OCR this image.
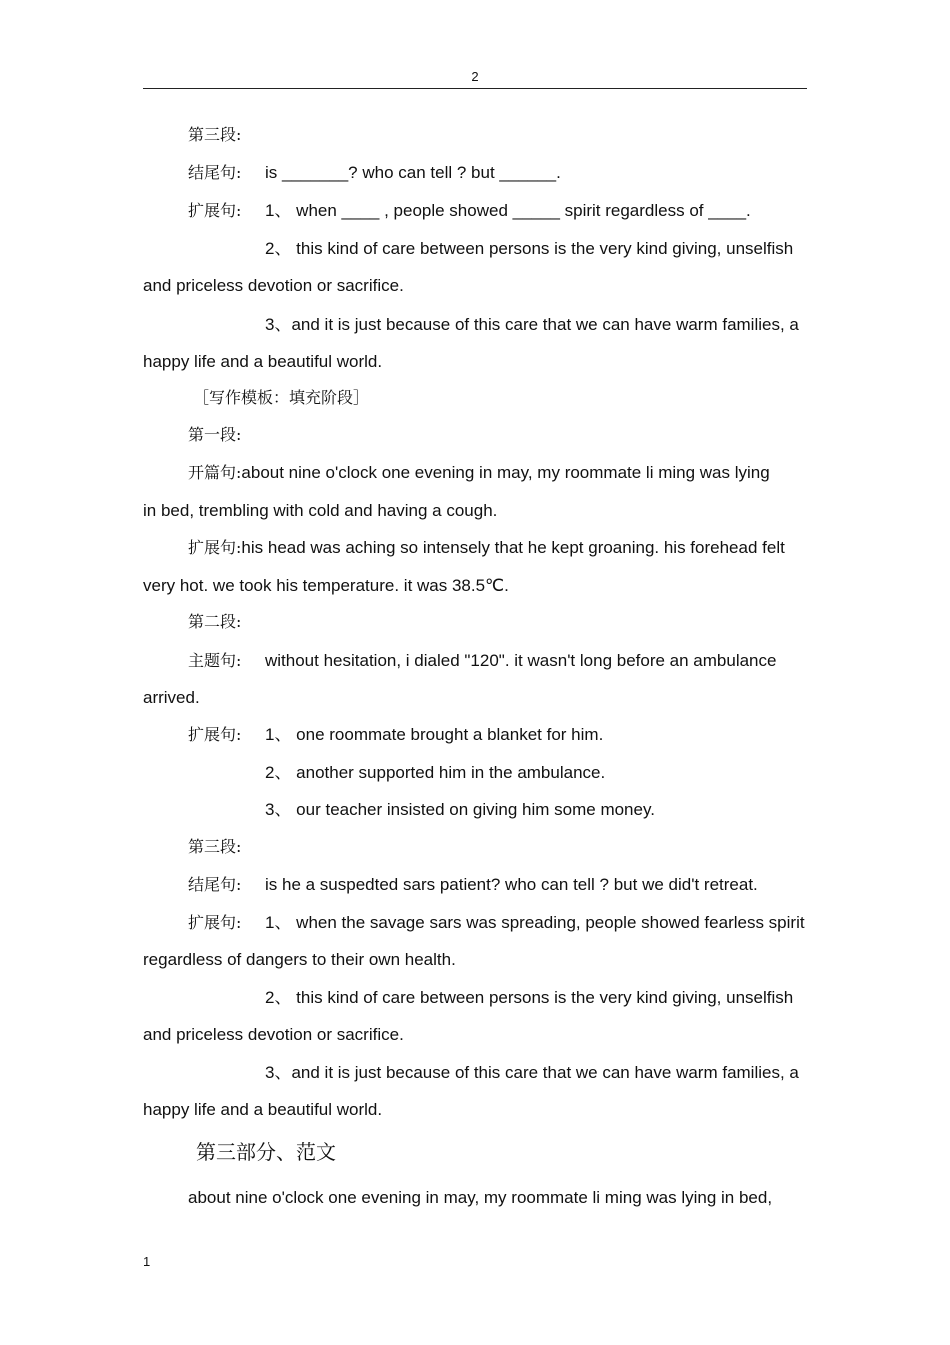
2
第三段:
结尾句: is _______? who can tell ? but ______.
扩展句: 1、 when ____ , people showed _____ spirit regardless of ____.
2、 this kind of care between persons is the very kind giving, unselfish
and priceless devotion or sacrifice.
3、and it is just because of this care that we can have warm families, a
happy life and a beautiful world.
［写作模板：填充阶段］
第一段:
开篇句:about nine o'clock one evening in may, my roommate li ming was lying
in bed, trembling with cold and having a cough.
扩展句:his head was aching so intensely that he kept groaning. his forehead felt
very hot. we took his temperature. it was 38.5℃.
第二段:
主题句: without hesitation, i dialed "120". it wasn't long before an ambulance
arrived.
扩展句: 1、 one roommate brought a blanket for him.
2、 another supported him in the ambulance.
3、 our teacher insisted on giving him some money.
第三段:
结尾句: is he a suspedted sars patient? who can tell ? but we did't retreat.
扩展句: 1、 when the savage sars was spreading, people showed fearless spirit
regardless of dangers to their own health.
2、 this kind of care between persons is the very kind giving, unselfish
and priceless devotion or sacrifice.
3、and it is just because of this care that we can have warm families, a
happy life and a beautiful world.
第三部分、范文
about nine o'clock one evening in may, my roommate li ming was lying in bed,
1
